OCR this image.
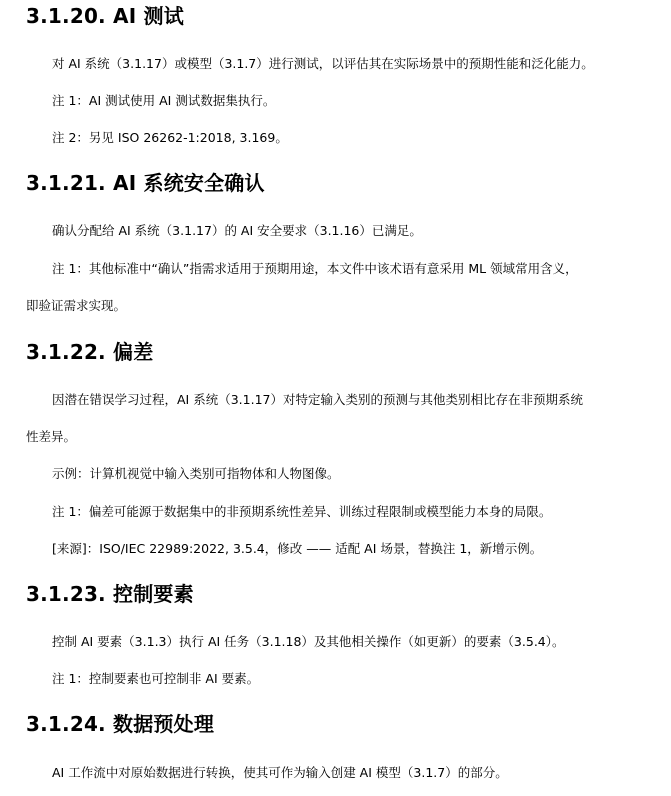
3.1.20. AI 测试
对 AI 系统（3.1.17）或模型（3.1.7）进行测试，以评估其在实际场景中的预期性能和泛化能力。
注 1：AI 测试使用 AI 测试数据集执行。
注 2：另见 ISO 26262-1:2018, 3.169。
3.1.21. AI 系统安全确认
确认分配给 AI 系统（3.1.17）的 AI 安全要求（3.1.16）已满足。
注 1：其他标准中“确认”指需求适用于预期用途，本文件中该术语有意采用 ML 领域常用含义，
即验证需求实现。
3.1.22. 偏差
因潜在错误学习过程，AI 系统（3.1.17）对特定输入类别的预测与其他类别相比存在非预期系统
性差异。
示例：计算机视觉中输入类别可指物体和人物图像。
注 1：偏差可能源于数据集中的非预期系统性差异、训练过程限制或模型能力本身的局限。
[来源]：ISO/IEC 22989:2022, 3.5.4，修改 —— 适配 AI 场景，替换注 1，新增示例。
3.1.23. 控制要素
控制 AI 要素（3.1.3）执行 AI 任务（3.1.18）及其他相关操作（如更新）的要素（3.5.4）。
注 1：控制要素也可控制非 AI 要素。
3.1.24. 数据预处理
AI 工作流中对原始数据进行转换，使其可作为输入创建 AI 模型（3.1.7）的部分。
